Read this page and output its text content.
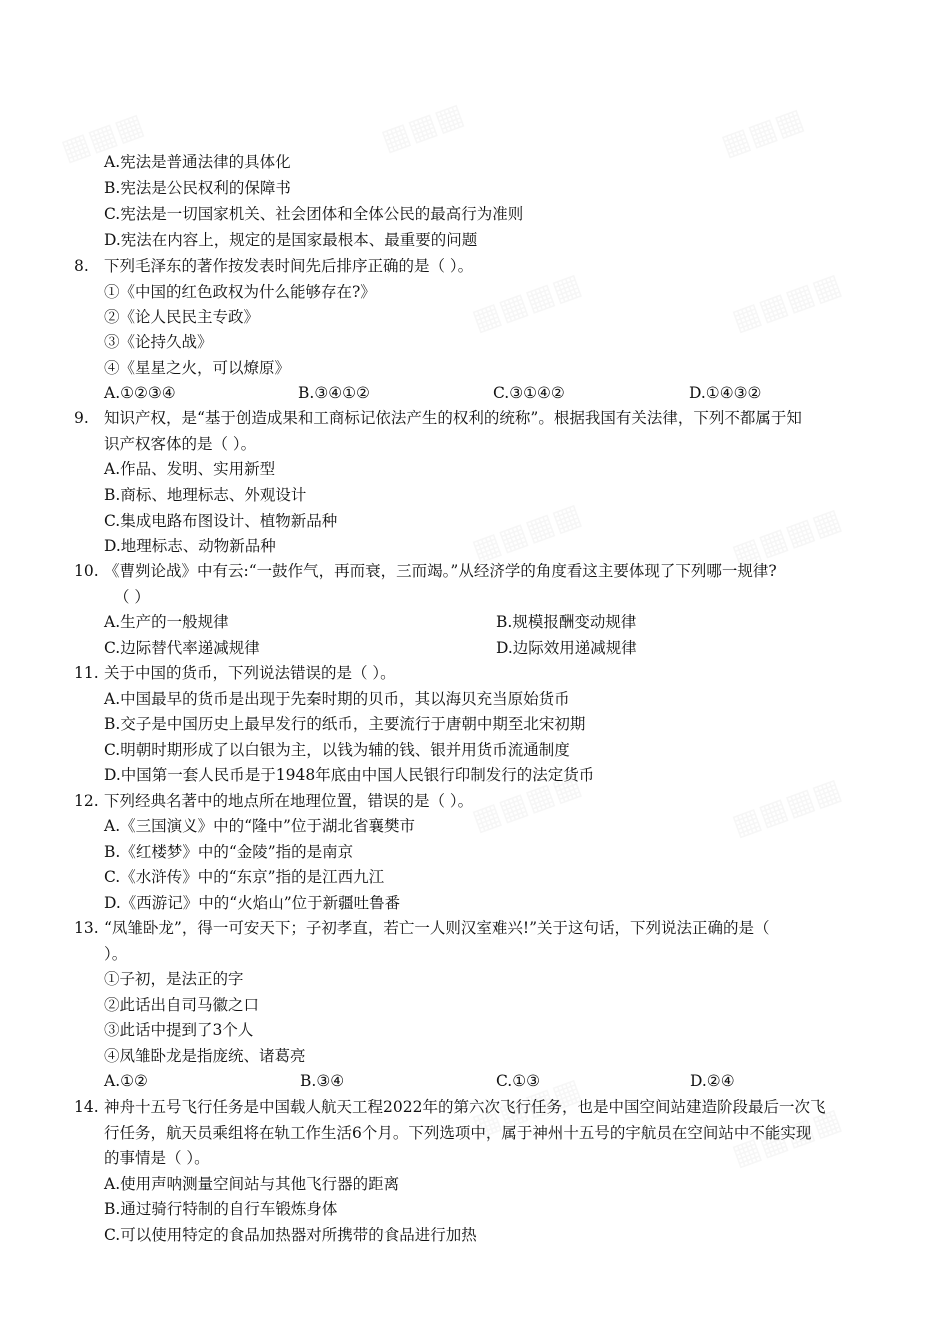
A.宪法是普通法律的具体化
B.宪法是公民权利的保障书
C.宪法是一切国家机关、社会团体和全体公民的最高行为准则
D.宪法在内容上，规定的是国家最根本、最重要的问题
8. 下列毛泽东的著作按发表时间先后排序正确的是（ ）。
①《中国的红色政权为什么能够存在?》
②《论人民民主专政》
③《论持久战》
④《星星之火，可以燎原》
A.①②③④	B.③④①②	C.③①④②	D.①④③②
9. 知识产权，是“基于创造成果和工商标记依法产生的权利的统称”。根据我国有关法律，下列不都属于知
识产权客体的是（ ）。
A.作品、发明、实用新型
B.商标、地理标志、外观设计
C.集成电路布图设计、植物新品种
D.地理标志、动物新品种
10. 《曹刿论战》中有云:“一鼓作气，再而衰，三而竭。”从经济学的角度看这主要体现了下列哪一规律?
（ ）
A.生产的一般规律	B.规模报酬变动规律
C.边际替代率递减规律	D.边际效用递减规律
11. 关于中国的货币，下列说法错误的是（ ）。
A.中国最早的货币是出现于先秦时期的贝币，其以海贝充当原始货币
B.交子是中国历史上最早发行的纸币，主要流行于唐朝中期至北宋初期
C.明朝时期形成了以白银为主，以钱为辅的钱、银并用货币流通制度
D.中国第一套人民币是于1948年底由中国人民银行印制发行的法定货币
12. 下列经典名著中的地点所在地理位置，错误的是（ ）。
A.《三国演义》中的“隆中”位于湖北省襄樊市
B.《红楼梦》中的“金陵”指的是南京
C.《水浒传》中的“东京”指的是江西九江
D.《西游记》中的“火焰山”位于新疆吐鲁番
13. “凤雏卧龙”，得一可安天下；子初孝直，若亡一人则汉室难兴!”关于这句话，下列说法正确的是（
）。
①子初，是法正的字
②此话出自司马徽之口
③此话中提到了3个人
④凤雏卧龙是指庞统、诸葛亮
A.①②	B.③④	C.①③	D.②④
14. 神舟十五号飞行任务是中国载人航天工程2022年的第六次飞行任务，也是中国空间站建造阶段最后一次飞
行任务，航天员乘组将在轨工作生活6个月。下列选项中，属于神州十五号的宇航员在空间站中不能实现
的事情是（ ）。
A.使用声呐测量空间站与其他飞行器的距离
B.通过骑行特制的自行车锻炼身体
C.可以使用特定的食品加热器对所携带的食品进行加热
